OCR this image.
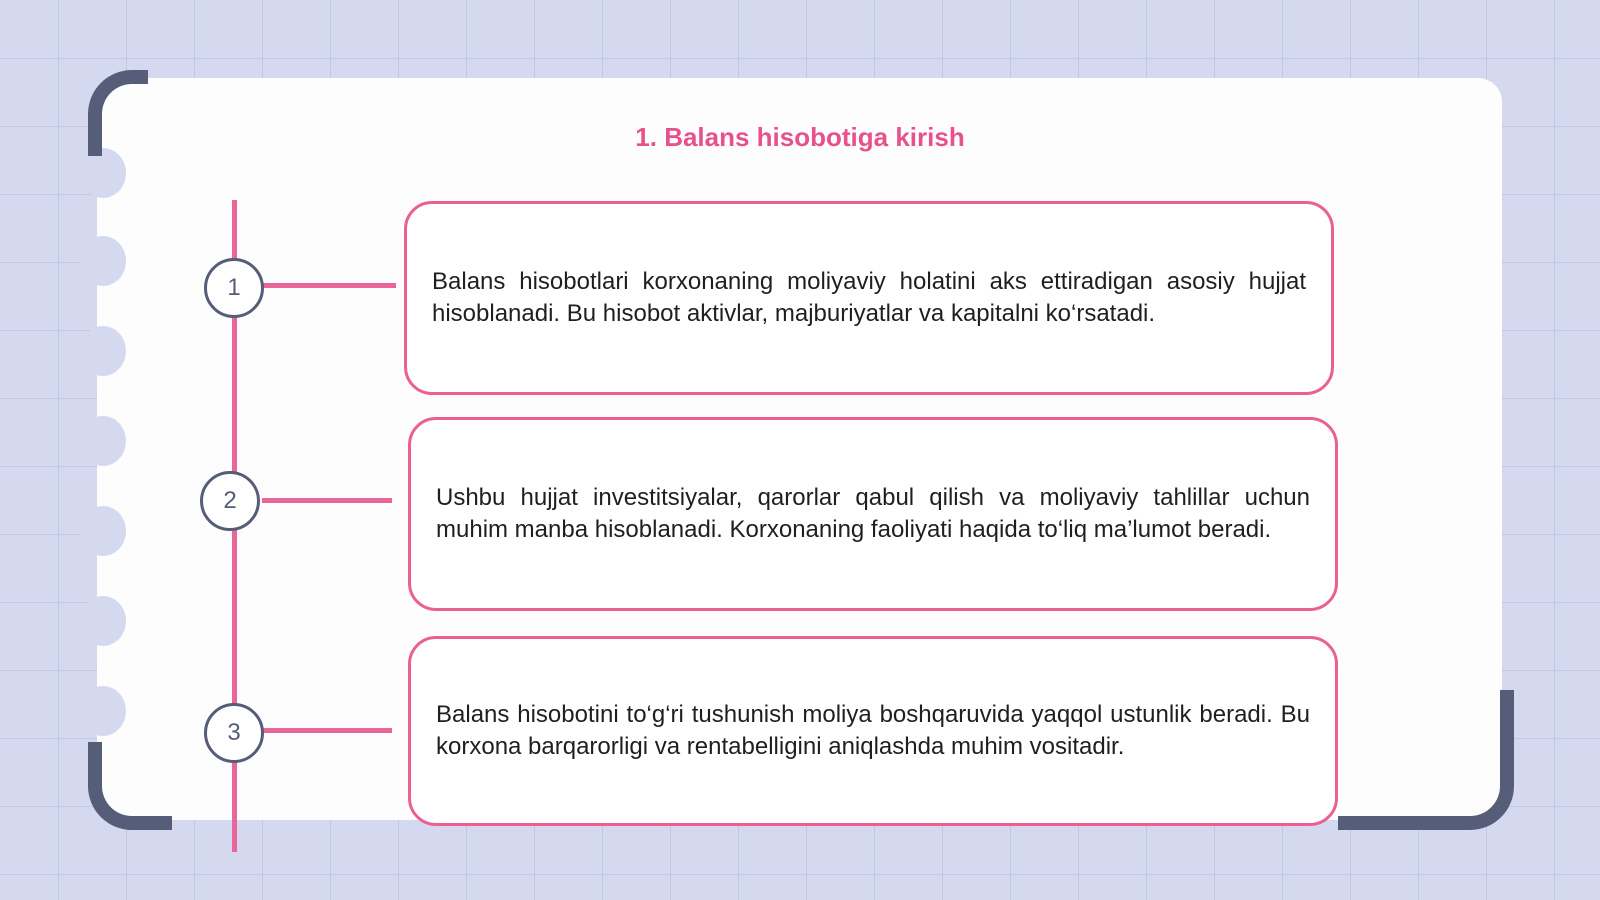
1. Balans hisobotiga kirish
1
2
3

Balans hisobotlari korxonaning moliyaviy holatini aks ettiradigan asosiy hujjat hisoblanadi. Bu hisobot aktivlar, majburiyatlar va kapitalni ko‘rsatadi.

Ushbu hujjat investitsiyalar, qarorlar qabul qilish va moliyaviy tahlillar uchun muhim manba hisoblanadi. Korxonaning faoliyati haqida to‘liq ma’lumot beradi.

Balans hisobotini to‘g‘ri tushunish moliya boshqaruvida yaqqol ustunlik beradi. Bu korxona barqarorligi va rentabelligini aniqlashda muhim vositadir.
